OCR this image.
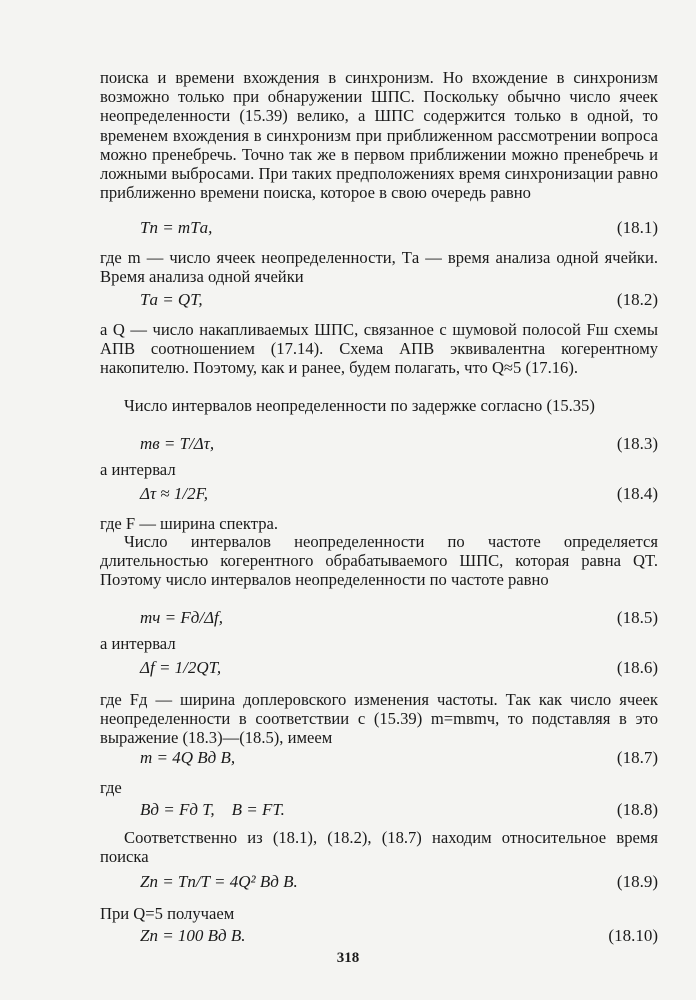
поиска и времени вхождения в синхронизм. Но вхождение в синхронизм возможно только при обнаружении ШПС. Поскольку обычно число ячеек неопределенности (15.39) велико, а ШПС содержится только в одной, то временем вхождения в синхронизм при приближенном рассмотрении вопроса можно пренебречь. Точно так же в первом приближении можно пренебречь и ложными выбросами. При таких предположениях время синхронизации равно приближенно времени поиска, которое в свою очередь равно

Tп = mTа,	(18.1)

где m — число ячеек неопределенности, Tа — время анализа одной ячейки. Время анализа одной ячейки

Tа = QT,	(18.2)

а Q — число накапливаемых ШПС, связанное с шумовой полосой Fш схемы АПВ соотношением (17.14). Схема АПВ эквивалентна когерентному накопителю. Поэтому, как и ранее, будем полагать, что Q≈5 (17.16).

Число интервалов неопределенности по задержке согласно (15.35)

mв = T/Δτ,	(18.3)

а интервал

Δτ ≈ 1/2F,	(18.4)

где F — ширина спектра.

Число интервалов неопределенности по частоте определяется длительностью когерентного обрабатываемого ШПС, которая равна QT. Поэтому число интервалов неопределенности по частоте равно

mч = Fд/Δf,	(18.5)

а интервал

Δf = 1/2QT,	(18.6)

где Fд — ширина доплеровского изменения частоты. Так как число ячеек неопределенности в соответствии с (15.39) m=mвmч, то подставляя в это выражение (18.3)—(18.5), имеем

m = 4Q Bд B,	(18.7)

где

Bд = Fд T,    B = FT.	(18.8)

Соответственно из (18.1), (18.2), (18.7) находим относительное время поиска

Zп = Tп/T = 4Q² Bд B.	(18.9)

При Q=5 получаем

Zп = 100 Bд B.	(18.10)
318
